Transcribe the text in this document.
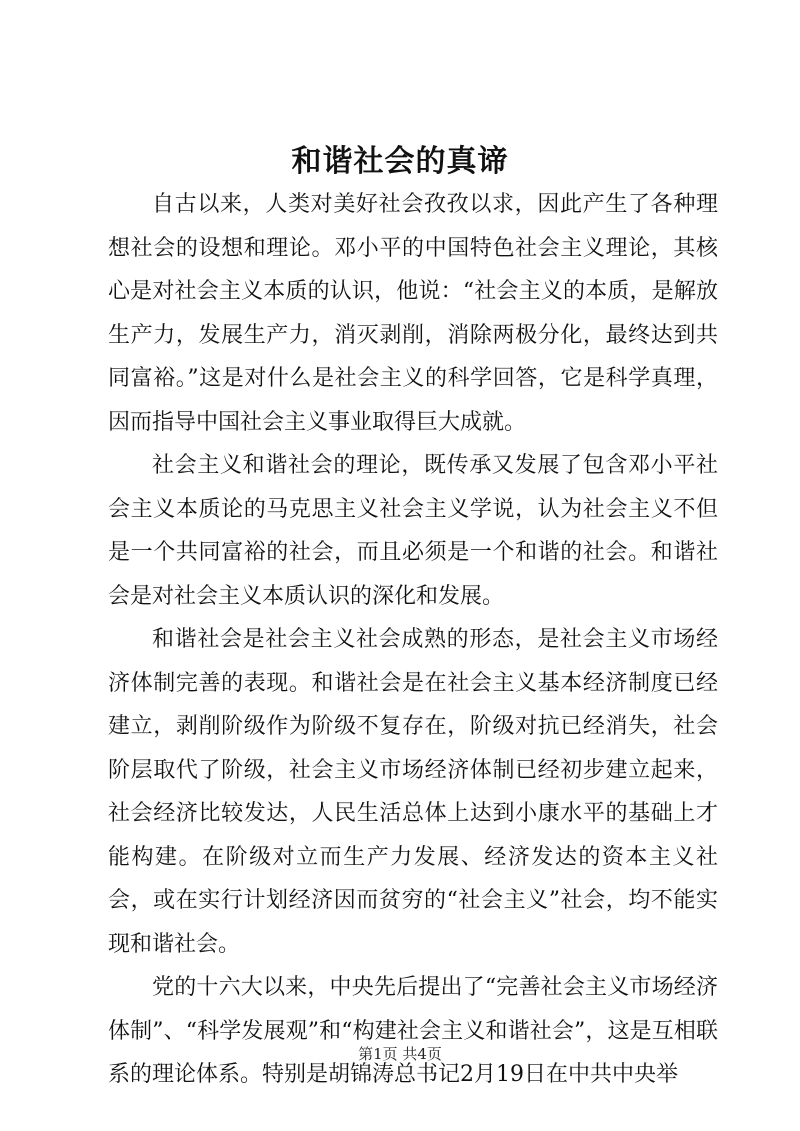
和谐社会的真谛

自古以来，人类对美好社会孜孜以求，因此产生了各种理想社会的设想和理论。邓小平的中国特色社会主义理论，其核心是对社会主义本质的认识，他说：“社会主义的本质，是解放生产力，发展生产力，消灭剥削，消除两极分化，最终达到共同富裕。”这是对什么是社会主义的科学回答，它是科学真理，因而指导中国社会主义事业取得巨大成就。

社会主义和谐社会的理论，既传承又发展了包含邓小平社会主义本质论的马克思主义社会主义学说，认为社会主义不但是一个共同富裕的社会，而且必须是一个和谐的社会。和谐社会是对社会主义本质认识的深化和发展。

和谐社会是社会主义社会成熟的形态，是社会主义市场经济体制完善的表现。和谐社会是在社会主义基本经济制度已经建立，剥削阶级作为阶级不复存在，阶级对抗已经消失，社会阶层取代了阶级，社会主义市场经济体制已经初步建立起来，社会经济比较发达，人民生活总体上达到小康水平的基础上才能构建。在阶级对立而生产力发展、经济发达的资本主义社会，或在实行计划经济因而贫穷的“社会主义”社会，均不能实现和谐社会。

党的十六大以来，中央先后提出了“完善社会主义市场经济体制”、“科学发展观”和“构建社会主义和谐社会”，这是互相联系的理论体系。特别是胡锦涛总书记2月19日在中共中央举

第1页 共4页
